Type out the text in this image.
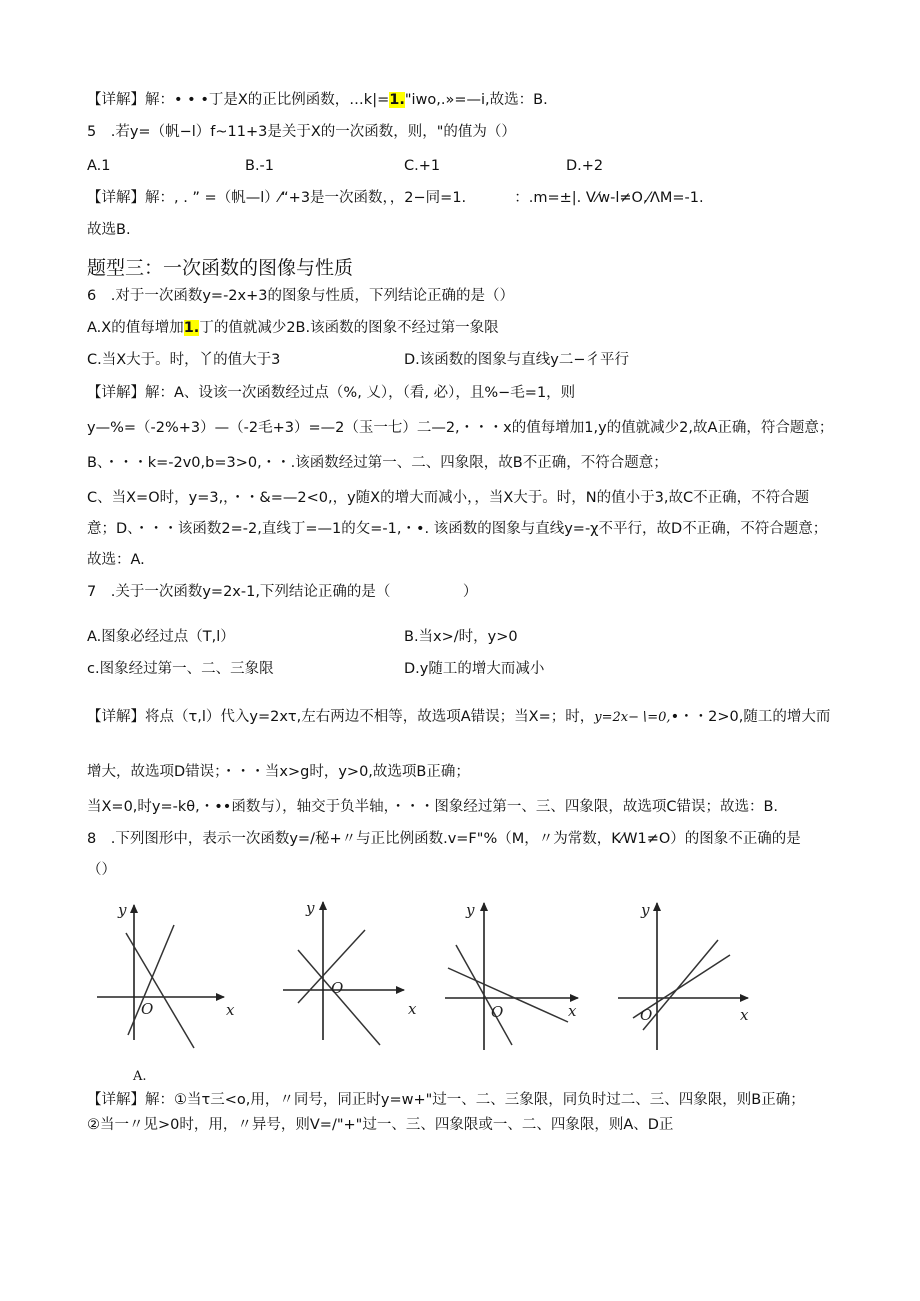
【详解】解：• • •丁是X的正比例函数，…k|=1."iwo,.»=—i,故选：B.
5　.若y=（帆−l）f~11+3是关于X的一次函数，则，"的值为（）
A.1	B.-1	C.+1	D.+2
【详解】解：, . ” =（帆—l）⁄“+3是一次函数，，2−同=1.　　　 ：.m=±|. V⁄w-l≠O,⁄ΛM=-1.
故选B.
题型三：一次函数的图像与性质
6　.对于一次函数y=-2x+3的图象与性质，下列结论正确的是（）
A.X的值每增加1.丁的值就减少2B.该函数的图象不经过第一象限
C.当X大于。时，丫的值大于3	D.该函数的图象与直线y二−彳平行
【详解】解：A、设该一次函数经过点（%, 乂），（看, 必），且%−毛=1，则
y—%=（-2%+3）—（-2毛+3）=—2（玉一七）二—2,・・・x的值每增加1,y的值就减少2,故A正确，符合题意；
B、・・・k=-2v0,b=3>0,・・.该函数经过第一、二、四象限，故B不正确，不符合题意；
C、当X=O时，y=3,，・・&=—2<0,，y随X的增大而减小，，当X大于。时，N的值小于3,故C不正确，不符合题
意；D、・・・该函数2=-2,直线丁=—1的攵=-1,・•. 该函数的图象与直线y=-χ不平行，故D不正确，不符合题意；
故选：A.
7　.关于一次函数y=2x-1,下列结论正确的是（　　　　　）
A.图象必经过点（T,l）	B.当x>/时，y>0
c.图象经过第一、二、三象限	D.y随工的增大而减小
【详解】将点（τ,l）代入y=2xτ,左右两边不相等，故选项A错误；当X=；时，y=2x−∖=0,•・・2>0,随工的增大而
增大，故选项D错误；・・・当x>g时，y>0,故选项B正确；
当X=0,时y=-kθ,・••函数与），轴交于负半轴，・・・图象经过第一、三、四象限，故选项C错误；故选：B.
8　.下列图形中，表示一次函数y=/秘+〃与正比例函数.v=F"%（M，〃为常数，K⁄W1≠O）的图象不正确的是
（）
y
x
O
y
x
O
y
x
O
y
x
O
A.
【详解】解：①当τ三<o,用，〃同号，同正时y=w+"过一、二、三象限，同负时过二、三、四象限，则B正确；
②当一〃见>0时，用，〃异号，则V=/"+"过一、三、四象限或一、二、四象限，则A、D正
